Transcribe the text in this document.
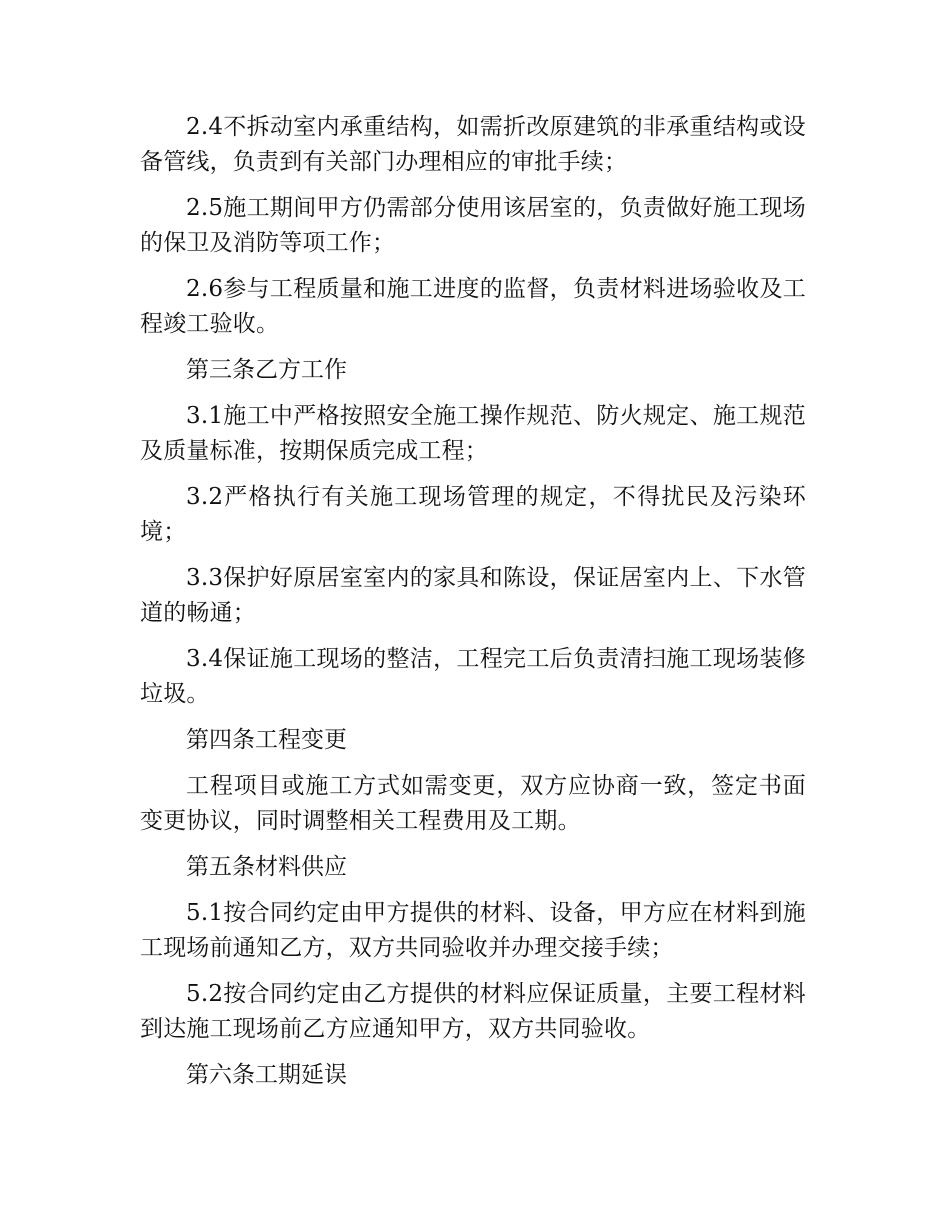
2.4不拆动室内承重结构，如需折改原建筑的非承重结构或设备管线，负责到有关部门办理相应的审批手续；

2.5施工期间甲方仍需部分使用该居室的，负责做好施工现场的保卫及消防等项工作；

2.6参与工程质量和施工进度的监督，负责材料进场验收及工程竣工验收。

第三条乙方工作

3.1施工中严格按照安全施工操作规范、防火规定、施工规范及质量标准，按期保质完成工程；

3.2严格执行有关施工现场管理的规定，不得扰民及污染环境；

3.3保护好原居室室内的家具和陈设，保证居室内上、下水管道的畅通；

3.4保证施工现场的整洁，工程完工后负责清扫施工现场装修垃圾。

第四条工程变更

工程项目或施工方式如需变更，双方应协商一致，签定书面变更协议，同时调整相关工程费用及工期。

第五条材料供应

5.1按合同约定由甲方提供的材料、设备，甲方应在材料到施工现场前通知乙方，双方共同验收并办理交接手续；

5.2按合同约定由乙方提供的材料应保证质量，主要工程材料到达施工现场前乙方应通知甲方，双方共同验收。

第六条工期延误
